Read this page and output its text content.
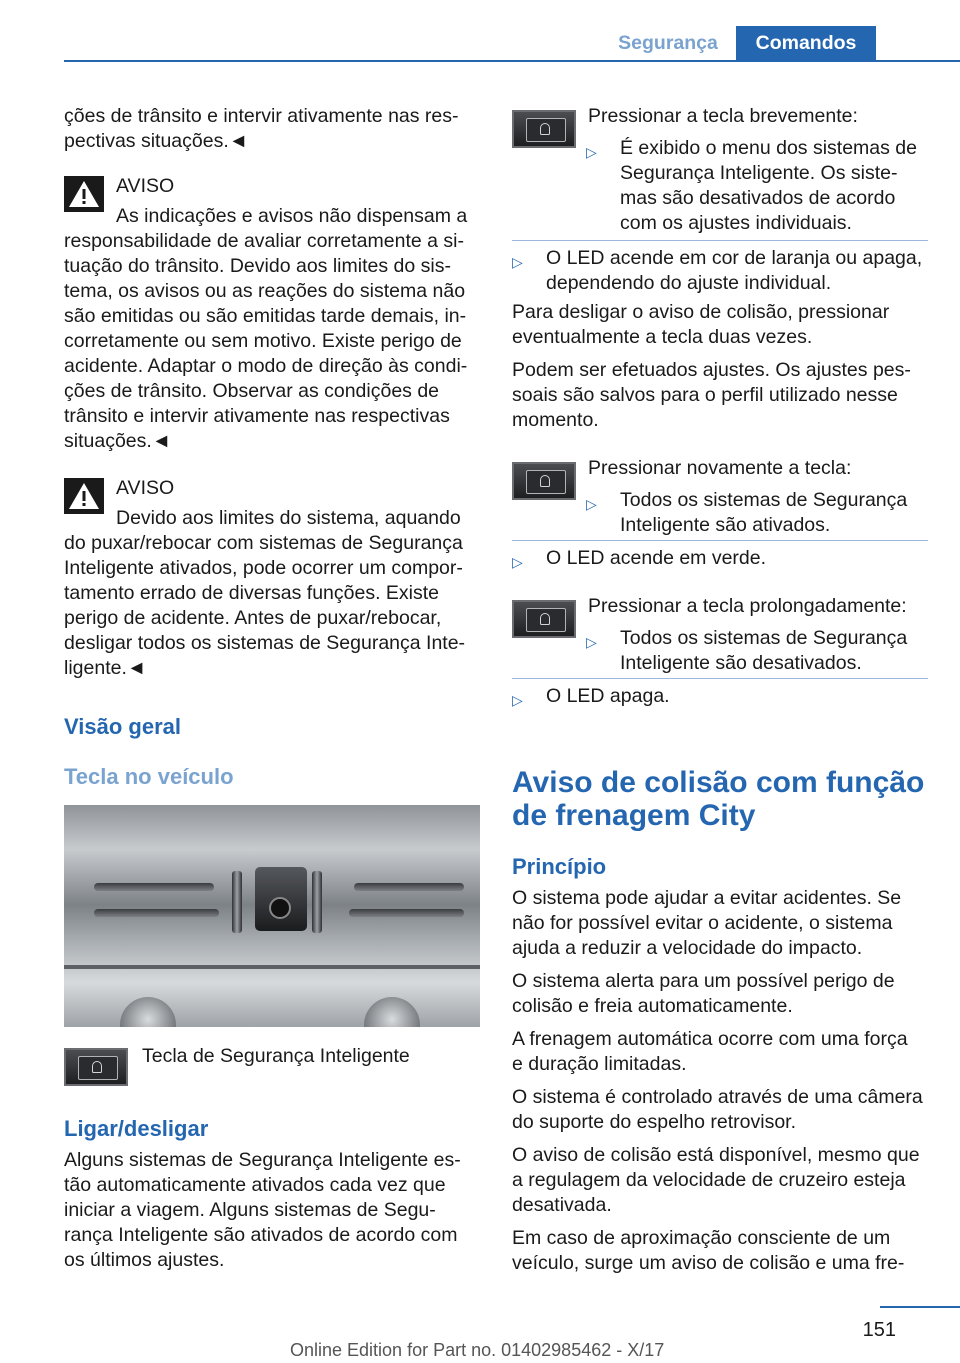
Segurança	Comandos
ções de trânsito e intervir ativamente nas res-
pectivas situações.◄
AVISO
As indicações e avisos não dispensam a
responsabilidade de avaliar corretamente a si-
tuação do trânsito. Devido aos limites do sis-
tema, os avisos ou as reações do sistema não
são emitidas ou são emitidas tarde demais, in-
corretamente ou sem motivo. Existe perigo de
acidente. Adaptar o modo de direção às condi-
ções de trânsito. Observar as condições de
trânsito e intervir ativamente nas respectivas
situações.◄
AVISO
Devido aos limites do sistema, aquando
do puxar/rebocar com sistemas de Segurança
Inteligente ativados, pode ocorrer um compor-
tamento errado de diversas funções. Existe
perigo de acidente. Antes de puxar/rebocar,
desligar todos os sistemas de Segurança Inte-
ligente.◄
Visão geral
Tecla no veículo
Tecla de Segurança Inteligente
Ligar/desligar
Alguns sistemas de Segurança Inteligente es-
tão automaticamente ativados cada vez que
iniciar a viagem. Alguns sistemas de Segu-
rança Inteligente são ativados de acordo com
os últimos ajustes.
Pressionar a tecla brevemente:
▷ É exibido o menu dos sistemas de
Segurança Inteligente. Os siste-
mas são desativados de acordo
com os ajustes individuais.
▷ O LED acende em cor de laranja ou apaga,
dependendo do ajuste individual.
Para desligar o aviso de colisão, pressionar
eventualmente a tecla duas vezes.
Podem ser efetuados ajustes. Os ajustes pes-
soais são salvos para o perfil utilizado nesse
momento.
Pressionar novamente a tecla:
▷ Todos os sistemas de Segurança
Inteligente são ativados.
▷ O LED acende em verde.
Pressionar a tecla prolongadamente:
▷ Todos os sistemas de Segurança
Inteligente são desativados.
▷ O LED apaga.
Aviso de colisão com função
de frenagem City
Princípio
O sistema pode ajudar a evitar acidentes. Se
não for possível evitar o acidente, o sistema
ajuda a reduzir a velocidade do impacto.
O sistema alerta para um possível perigo de
colisão e freia automaticamente.
A frenagem automática ocorre com uma força
e duração limitadas.
O sistema é controlado através de uma câmera
do suporte do espelho retrovisor.
O aviso de colisão está disponível, mesmo que
a regulagem da velocidade de cruzeiro esteja
desativada.
Em caso de aproximação consciente de um
veículo, surge um aviso de colisão e uma fre-
151
Online Edition for Part no. 01402985462 - X/17
